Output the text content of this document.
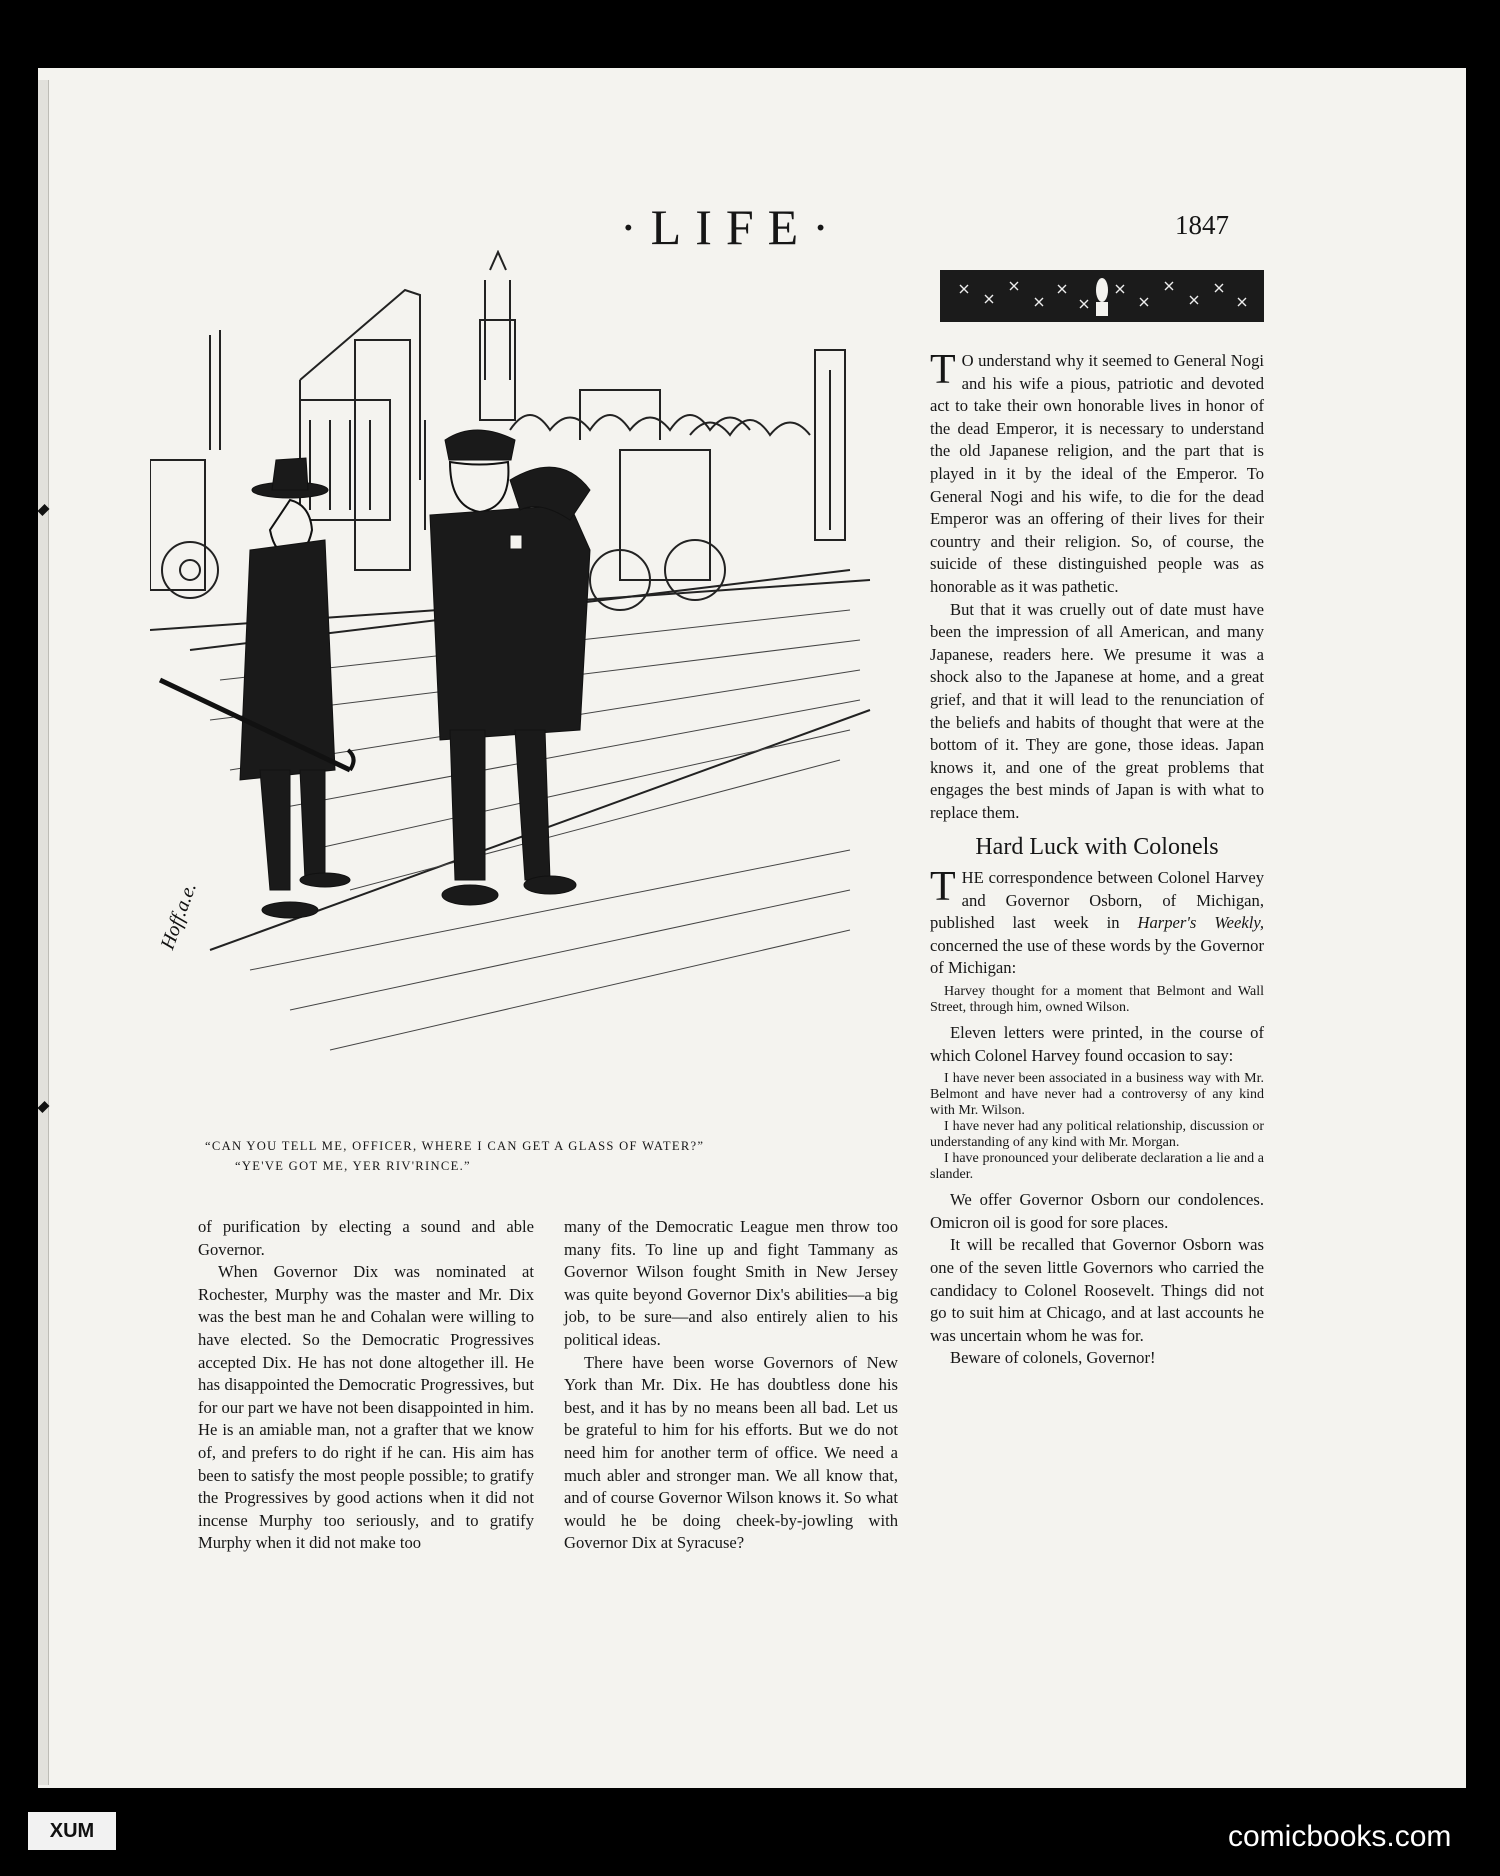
·LIFE·	1847
Hoff.a.e.
“CAN YOU TELL ME, OFFICER, WHERE I CAN GET A GLASS OF WATER?”
“YE'VE GOT ME, YER RIV'RINCE.”

T O understand why it seemed to General Nogi and his wife a pious, patriotic and devoted act to take their own honorable lives in honor of the dead Emperor, it is necessary to understand the old Japanese religion, and the part that is played in it by the ideal of the Emperor. To General Nogi and his wife, to die for the dead Emperor was an offering of their lives for their country and their religion. So, of course, the suicide of these distinguished people was as honorable as it was pathetic.

But that it was cruelly out of date must have been the impression of all American, and many Japanese, readers here. We presume it was a shock also to the Japanese at home, and a great grief, and that it will lead to the renunciation of the beliefs and habits of thought that were at the bottom of it. They are gone, those ideas. Japan knows it, and one of the great problems that engages the best minds of Japan is with what to replace them.

Hard Luck with Colonels

THE correspondence between Colonel Harvey and Governor Osborn, of Michigan, published last week in Harper's Weekly, concerned the use of these words by the Governor of Michigan:

Harvey thought for a moment that Belmont and Wall Street, through him, owned Wilson.

Eleven letters were printed, in the course of which Colonel Harvey found occasion to say:

I have never been associated in a business way with Mr. Belmont and have never had a controversy of any kind with Mr. Wilson.

I have never had any political relationship, discussion or understanding of any kind with Mr. Morgan.

I have pronounced your deliberate declaration a lie and a slander.

We offer Governor Osborn our condolences. Omicron oil is good for sore places.

It will be recalled that Governor Osborn was one of the seven little Governors who carried the candidacy to Colonel Roosevelt. Things did not go to suit him at Chicago, and at last accounts he was uncertain whom he was for.

Beware of colonels, Governor!

of purification by electing a sound and able Governor.

When Governor Dix was nominated at Rochester, Murphy was the master and Mr. Dix was the best man he and Cohalan were willing to have elected. So the Democratic Progressives accepted Dix. He has not done altogether ill. He has disappointed the Democratic Progressives, but for our part we have not been disappointed in him. He is an amiable man, not a grafter that we know of, and prefers to do right if he can. His aim has been to satisfy the most people possible; to gratify the Progressives by good actions when it did not incense Murphy too seriously, and to gratify Murphy when it did not make too

many of the Democratic League men throw too many fits. To line up and fight Tammany as Governor Wilson fought Smith in New Jersey was quite beyond Governor Dix's abilities—a big job, to be sure—and also entirely alien to his political ideas.

There have been worse Governors of New York than Mr. Dix. He has doubtless done his best, and it has by no means been all bad. Let us be grateful to him for his efforts. But we do not need him for another term of office. We need a much abler and stronger man. We all know that, and of course Governor Wilson knows it. So what would he be doing cheek-by-jowling with Governor Dix at Syracuse?

XUM	comicbooks.com
